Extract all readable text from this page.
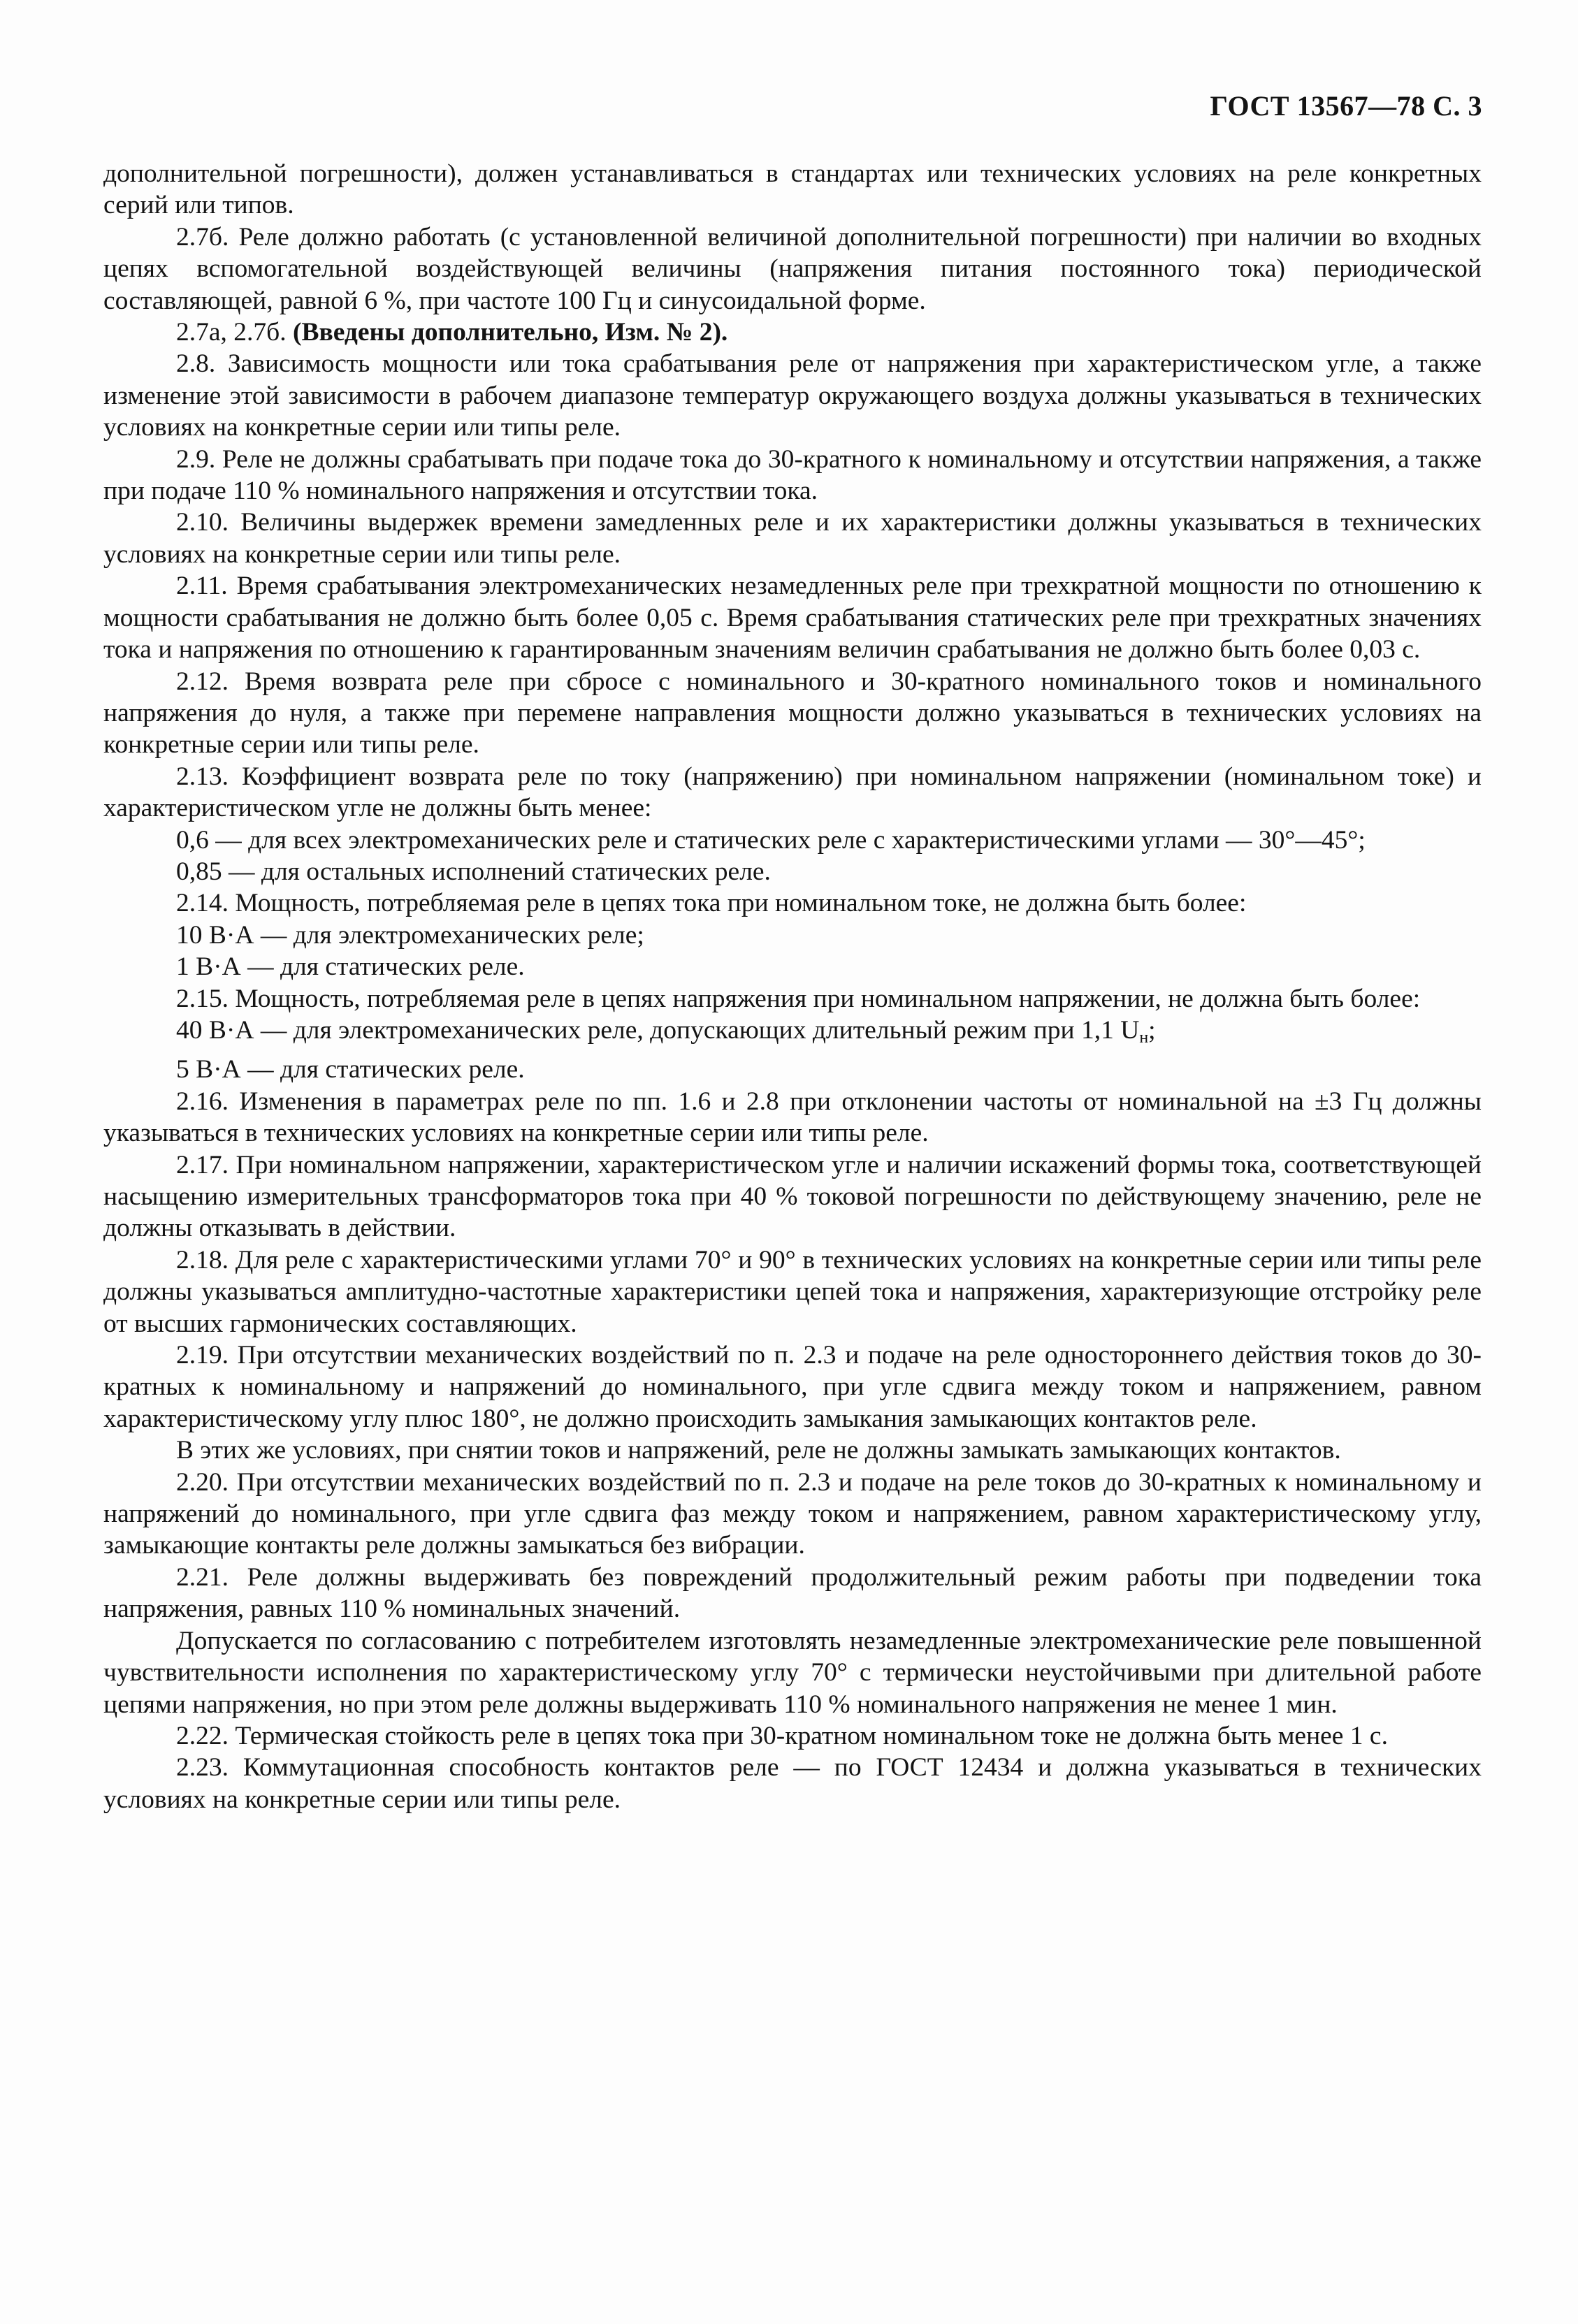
ГОСТ 13567—78 С. 3

дополнительной погрешности), должен устанавливаться в стандартах или технических условиях на реле конкретных серий или типов.

2.7б. Реле должно работать (с установленной величиной дополнительной погрешности) при наличии во входных цепях вспомогательной воздействующей величины (напряжения питания постоянного тока) периодической составляющей, равной 6 %, при частоте 100 Гц и синусоидальной форме.

2.7а, 2.7б. (Введены дополнительно, Изм. № 2).

2.8. Зависимость мощности или тока срабатывания реле от напряжения при характеристическом угле, а также изменение этой зависимости в рабочем диапазоне температур окружающего воздуха должны указываться в технических условиях на конкретные серии или типы реле.

2.9. Реле не должны срабатывать при подаче тока до 30-кратного к номинальному и отсутствии напряжения, а также при подаче 110 % номинального напряжения и отсутствии тока.

2.10. Величины выдержек времени замедленных реле и их характеристики должны указываться в технических условиях на конкретные серии или типы реле.

2.11. Время срабатывания электромеханических незамедленных реле при трехкратной мощности по отношению к мощности срабатывания не должно быть более 0,05 с. Время срабатывания статических реле при трехкратных значениях тока и напряжения по отношению к гарантированным значениям величин срабатывания не должно быть более 0,03 с.

2.12. Время возврата реле при сбросе с номинального и 30-кратного номинального токов и номинального напряжения до нуля, а также при перемене направления мощности должно указываться в технических условиях на конкретные серии или типы реле.

2.13. Коэффициент возврата реле по току (напряжению) при номинальном напряжении (номинальном токе) и характеристическом угле не должны быть менее:

0,6 — для всех электромеханических реле и статических реле с характеристическими углами — 30°—45°;

0,85 — для остальных исполнений статических реле.

2.14. Мощность, потребляемая реле в цепях тока при номинальном токе, не должна быть более:

10 В·А — для электромеханических реле;

1 В·А — для статических реле.

2.15. Мощность, потребляемая реле в цепях напряжения при номинальном напряжении, не должна быть более:

40 В·А — для электромеханических реле, допускающих длительный режим при 1,1 $U_н$;

5 В·А — для статических реле.

2.16. Изменения в параметрах реле по пп. 1.6 и 2.8 при отклонении частоты от номинальной на ±3 Гц должны указываться в технических условиях на конкретные серии или типы реле.

2.17. При номинальном напряжении, характеристическом угле и наличии искажений формы тока, соответствующей насыщению измерительных трансформаторов тока при 40 % токовой погрешности по действующему значению, реле не должны отказывать в действии.

2.18. Для реле с характеристическими углами 70° и 90° в технических условиях на конкретные серии или типы реле должны указываться амплитудно-частотные характеристики цепей тока и напряжения, характеризующие отстройку реле от высших гармонических составляющих.

2.19. При отсутствии механических воздействий по п. 2.3 и подаче на реле одностороннего действия токов до 30-кратных к номинальному и напряжений до номинального, при угле сдвига между током и напряжением, равном характеристическому углу плюс 180°, не должно происходить замыкания замыкающих контактов реле.

В этих же условиях, при снятии токов и напряжений, реле не должны замыкать замыкающих контактов.

2.20. При отсутствии механических воздействий по п. 2.3 и подаче на реле токов до 30-кратных к номинальному и напряжений до номинального, при угле сдвига фаз между током и напряжением, равном характеристическому углу, замыкающие контакты реле должны замыкаться без вибрации.

2.21. Реле должны выдерживать без повреждений продолжительный режим работы при подведении тока напряжения, равных 110 % номинальных значений.

Допускается по согласованию с потребителем изготовлять незамедленные электромеханические реле повышенной чувствительности исполнения по характеристическому углу 70° с термически неустойчивыми при длительной работе цепями напряжения, но при этом реле должны выдерживать 110 % номинального напряжения не менее 1 мин.

2.22. Термическая стойкость реле в цепях тока при 30-кратном номинальном токе не должна быть менее 1 с.

2.23. Коммутационная способность контактов реле — по ГОСТ 12434 и должна указываться в технических условиях на конкретные серии или типы реле.
